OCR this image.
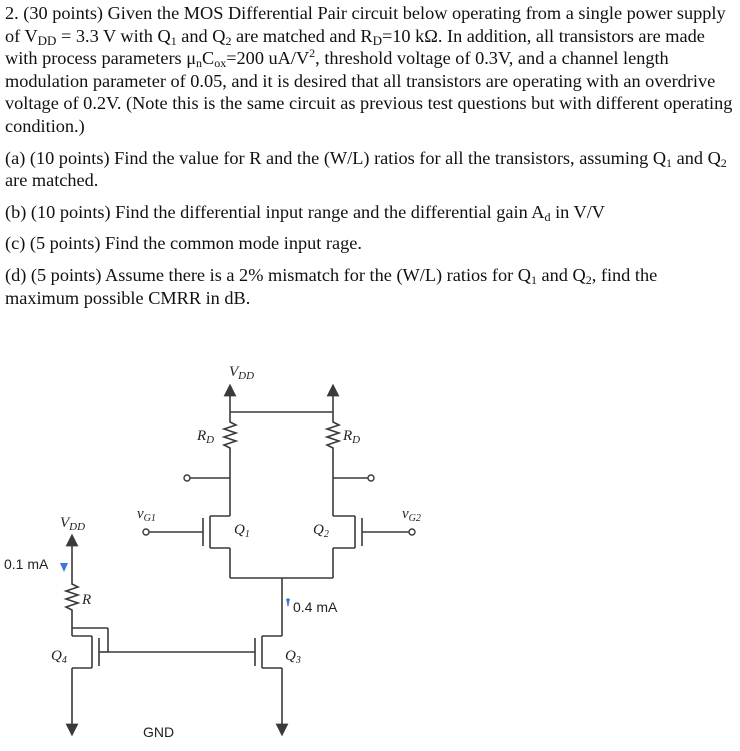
2. (30 points) Given the MOS Differential Pair circuit below operating from a single power supply of $V_{DD} = 3.3$ V with $Q_1$ and $Q_2$ are matched and $R_D=10$ kΩ. In addition, all transistors are made with process parameters $\mu_nC_{ox}=200$ $uA/V^2$, threshold voltage of 0.3V, and a channel length modulation parameter of 0.05, and it is desired that all transistors are operating with an overdrive voltage of 0.2V. (Note this is the same circuit as previous test questions but with different operating condition.)

(a) (10 points) Find the value for R and the (W/L) ratios for all the transistors, assuming $Q_1$ and $Q_2$ are matched.

(b) (10 points) Find the differential input range and the differential gain $A_d$ in V/V

(c) (5 points) Find the common mode input rage.

(d) (5 points) Assume there is a 2% mismatch for the (W/L) ratios for $Q_1$ and $Q_2$, find the maximum possible CMRR in dB.

$V_{DD}$
$R_D$	$R_D$
$v_{G1}$
$Q_1$
$v_{G2}$
$Q_2$
0.4 mA
$Q_3$
$V_{DD}$
0.1 mA
R
$Q_4$
GND
